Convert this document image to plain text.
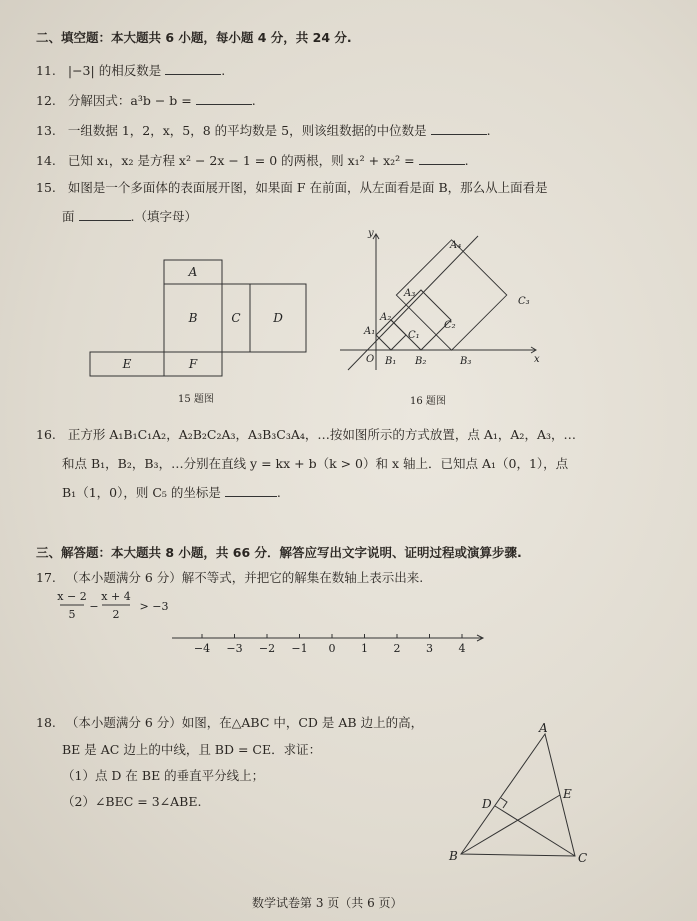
二、填空题：本大题共 6 小题，每小题 4 分，共 24 分.
11. |−3| 的相反数是	.
12. 分解因式：a³b − b =	.
13. 一组数据 1，2，x，5，8 的平均数是 5，则该组数据的中位数是	.
14. 已知 x₁，x₂ 是方程 x² − 2x − 1 = 0 的两根，则 x₁² + x₂² =	.
15. 如图是一个多面体的表面展开图，如果面 F 在前面，从左面看是面 B，那么从上面看是
面	.（填字母）
A
B	C	D
E	F
15 题图
y
x
O
A₁
A₂
A₃
A₄
B₁ B₂	B₃
C₁
C₂
C₃
16 题图
16. 正方形 A₁B₁C₁A₂，A₂B₂C₂A₃，A₃B₃C₃A₄，…按如图所示的方式放置，点 A₁，A₂，A₃，…
和点 B₁，B₂，B₃，…分别在直线 y = kx + b（k > 0）和 x 轴上．已知点 A₁（0，1），点
B₁（1，0），则 C₅ 的坐标是	.
三、解答题：本大题共 8 小题，共 66 分．解答应写出文字说明、证明过程或演算步骤.
17. （本小题满分 6 分）解不等式，并把它的解集在数轴上表示出来.
x − 2
5
−
x + 4
2
> −3
−4 −3 −2 −1 0 1 2 3 4
18. （本小题满分 6 分）如图，在△ABC 中，CD 是 AB 边上的高，
BE 是 AC 边上的中线，且 BD = CE．求证：
（1）点 D 在 BE 的垂直平分线上；
（2）∠BEC = 3∠ABE.
A
B	C
D
E
数学试卷第 3 页（共 6 页）
